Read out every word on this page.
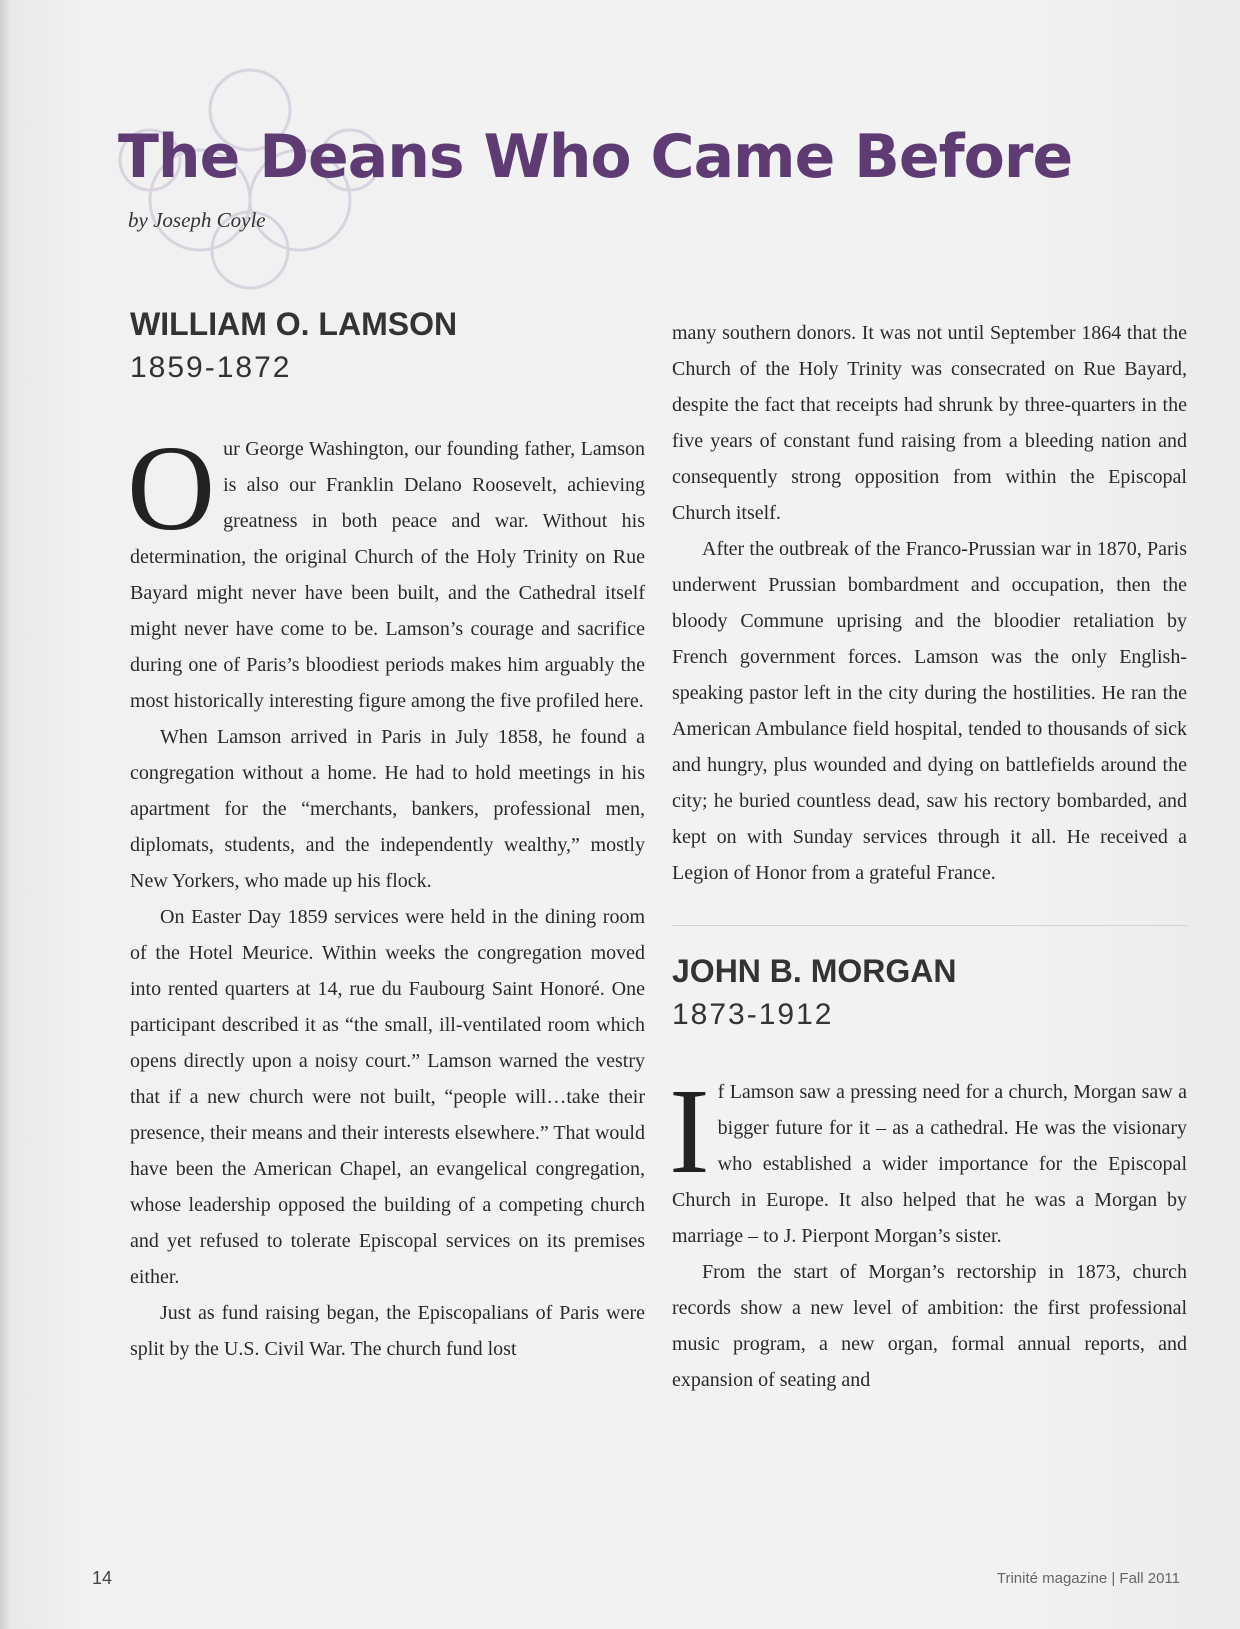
The Deans Who Came Before
by Joseph Coyle
WILLIAM O. LAMSON
1859-1872

Our George Washington, our founding father, Lamson is also our Franklin Delano Roosevelt, achieving greatness in both peace and war. Without his determination, the original Church of the Holy Trinity on Rue Bayard might never have been built, and the Cathedral itself might never have come to be. Lamson’s courage and sacrifice during one of Paris’s bloodiest periods makes him arguably the most historically interesting figure among the five profiled here.

When Lamson arrived in Paris in July 1858, he found a congregation without a home. He had to hold meetings in his apartment for the “merchants, bankers, professional men, diplomats, students, and the independently wealthy,” mostly New Yorkers, who made up his flock.

On Easter Day 1859 services were held in the dining room of the Hotel Meurice. Within weeks the congregation moved into rented quarters at 14, rue du Faubourg Saint Honoré. One participant described it as “the small, ill-ventilated room which opens directly upon a noisy court.” Lamson warned the vestry that if a new church were not built, “people will…take their presence, their means and their interests elsewhere.” That would have been the American Chapel, an evangelical congregation, whose leadership opposed the building of a competing church and yet refused to tolerate Episcopal services on its premises either.

Just as fund raising began, the Episcopalians of Paris were split by the U.S. Civil War. The church fund lost

many southern donors. It was not until September 1864 that the Church of the Holy Trinity was consecrated on Rue Bayard, despite the fact that receipts had shrunk by three-quarters in the five years of constant fund raising from a bleeding nation and consequently strong opposition from within the Episcopal Church itself.

After the outbreak of the Franco-Prussian war in 1870, Paris underwent Prussian bombardment and occupation, then the bloody Commune uprising and the bloodier retaliation by French government forces. Lamson was the only English-speaking pastor left in the city during the hostilities. He ran the American Ambulance field hospital, tended to thousands of sick and hungry, plus wounded and dying on battlefields around the city; he buried countless dead, saw his rectory bombarded, and kept on with Sunday services through it all. He received a Legion of Honor from a grateful France.

JOHN B. MORGAN
1873-1912

If Lamson saw a pressing need for a church, Morgan saw a bigger future for it – as a cathedral. He was the visionary who established a wider importance for the Episcopal Church in Europe. It also helped that he was a Morgan by marriage – to J. Pierpont Morgan’s sister.

From the start of Morgan’s rectorship in 1873, church records show a new level of ambition: the first professional music program, a new organ, formal annual reports, and expansion of seating and

14	Trinité magazine | Fall 2011
